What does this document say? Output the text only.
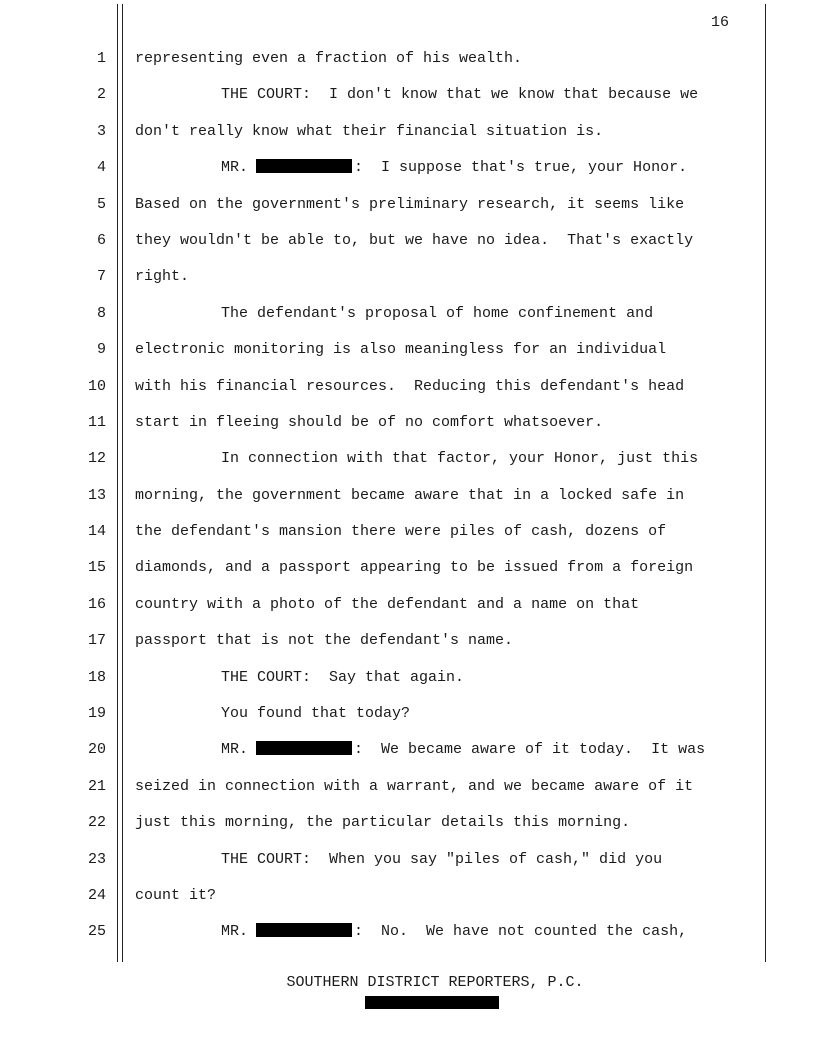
16
1 representing even a fraction of his wealth.
2	THE COURT:  I don't know that we know that because we
3 don't really know what their financial situation is.
4	MR.	:  I suppose that's true, your Honor.
5 Based on the government's preliminary research, it seems like
6 they wouldn't be able to, but we have no idea.  That's exactly
7 right.
8	The defendant's proposal of home confinement and
9 electronic monitoring is also meaningless for an individual
10 with his financial resources.  Reducing this defendant's head
11 start in fleeing should be of no comfort whatsoever.
12	In connection with that factor, your Honor, just this
13 morning, the government became aware that in a locked safe in
14 the defendant's mansion there were piles of cash, dozens of
15 diamonds, and a passport appearing to be issued from a foreign
16 country with a photo of the defendant and a name on that
17 passport that is not the defendant's name.
18	THE COURT:  Say that again.
19	You found that today?
20	MR.	:  We became aware of it today.  It was
21 seized in connection with a warrant, and we became aware of it
22 just this morning, the particular details this morning.
23	THE COURT:  When you say "piles of cash," did you
24 count it?
25	MR.	:  No.  We have not counted the cash,
SOUTHERN DISTRICT REPORTERS, P.C.
